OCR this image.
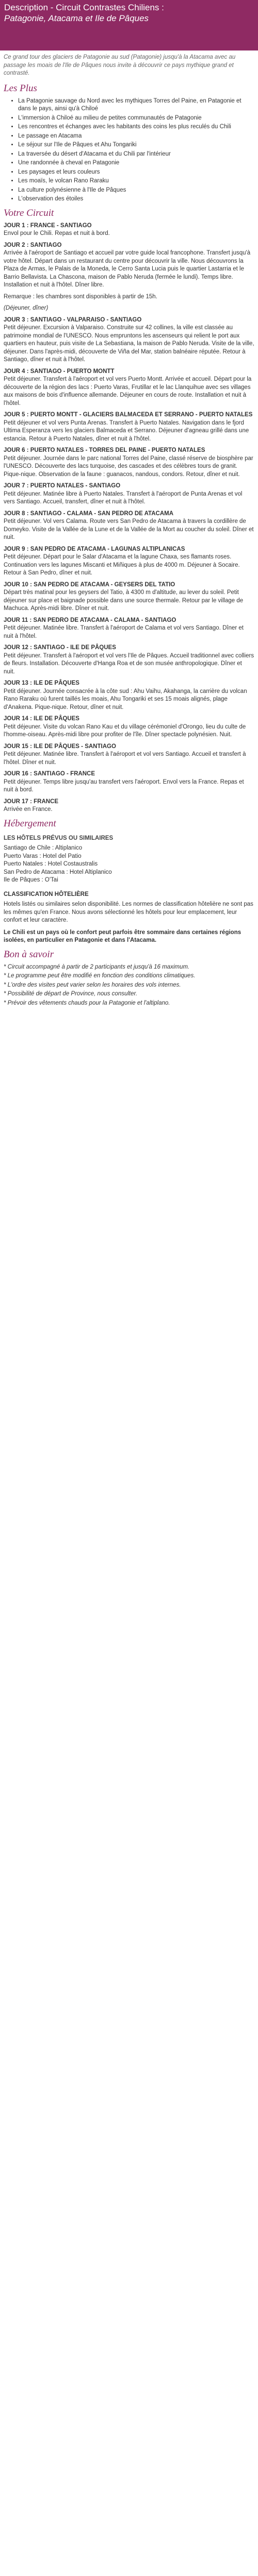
Description - Circuit Contrastes Chiliens :
Patagonie, Atacama et Ile de Pâques

Ce grand tour des glaciers de Patagonie au sud (Patagonie) jusqu'à la Atacama avec au passage les moais de l'Ile de Pâques nous invite à découvrir ce pays mythique grand et contrasté.

Les Plus
• La Patagonie sauvage du Nord avec les mythiques Torres del Paine, en Patagonie et dans le pays, ainsi qu'à Chiloé
• L'immersion à Chiloé au milieu de petites communautés de Patagonie
• Les rencontres et échanges avec les habitants des coins les plus reculés du Chili
• Le passage en Atacama
• Le séjour sur l'Ile de Pâques et Ahu Tongariki
• La traversée du désert d'Atacama et du Chili par l'intérieur
• Une randonnée à cheval en Patagonie
• Les paysages et leurs couleurs
• Les moaïs, le volcan Rano Raraku
• La culture polynésienne à l'Ile de Pâques
• L'observation des étoiles
Votre Circuit
JOUR 1 : FRANCE - SANTIAGO

Envol pour le Chili. Repas et nuit à bord.

JOUR 2 : SANTIAGO

Arrivée à l'aéroport de Santiago et accueil par votre guide local francophone. Transfert jusqu'à votre hôtel. Départ dans un restaurant du centre pour découvrir la ville. Nous découvrons la Plaza de Armas, le Palais de la Moneda, le Cerro Santa Lucia puis le quartier Lastarria et le Barrio Bellavista. La Chascona, maison de Pablo Neruda (fermée le lundi). Temps libre. Installation et nuit à l'hôtel. Dîner libre.

Remarque : les chambres sont disponibles à partir de 15h.

(Déjeuner, dîner)

JOUR 3 : SANTIAGO - VALPARAISO - SANTIAGO

Petit déjeuner. Excursion à Valparaiso. Construite sur 42 collines, la ville est classée au patrimoine mondial de l'UNESCO. Nous empruntons les ascenseurs qui relient le port aux quartiers en hauteur, puis visite de La Sebastiana, la maison de Pablo Neruda. Visite de la ville, déjeuner. Dans l'après-midi, découverte de Viña del Mar, station balnéaire réputée. Retour à Santiago, dîner et nuit à l'hôtel.

JOUR 4 : SANTIAGO - PUERTO MONTT

Petit déjeuner. Transfert à l'aéroport et vol vers Puerto Montt. Arrivée et accueil. Départ pour la découverte de la région des lacs : Puerto Varas, Frutillar et le lac Llanquihue avec ses villages aux maisons de bois d'influence allemande. Déjeuner en cours de route. Installation et nuit à l'hôtel.

JOUR 5 : PUERTO MONTT - GLACIERS BALMACEDA ET SERRANO - PUERTO NATALES

Petit déjeuner et vol vers Punta Arenas. Transfert à Puerto Natales. Navigation dans le fjord Ultima Esperanza vers les glaciers Balmaceda et Serrano. Déjeuner d'agneau grillé dans une estancia. Retour à Puerto Natales, dîner et nuit à l'hôtel.

JOUR 6 : PUERTO NATALES - TORRES DEL PAINE - PUERTO NATALES

Petit déjeuner. Journée dans le parc national Torres del Paine, classé réserve de biosphère par l'UNESCO. Découverte des lacs turquoise, des cascades et des célèbres tours de granit. Pique-nique. Observation de la faune : guanacos, nandous, condors. Retour, dîner et nuit.

JOUR 7 : PUERTO NATALES - SANTIAGO

Petit déjeuner. Matinée libre à Puerto Natales. Transfert à l'aéroport de Punta Arenas et vol vers Santiago. Accueil, transfert, dîner et nuit à l'hôtel.

JOUR 8 : SANTIAGO - CALAMA - SAN PEDRO DE ATACAMA

Petit déjeuner. Vol vers Calama. Route vers San Pedro de Atacama à travers la cordillère de Domeyko. Visite de la Vallée de la Lune et de la Vallée de la Mort au coucher du soleil. Dîner et nuit.

JOUR 9 : SAN PEDRO DE ATACAMA - LAGUNAS ALTIPLANICAS

Petit déjeuner. Départ pour le Salar d'Atacama et la lagune Chaxa, ses flamants roses. Continuation vers les lagunes Miscanti et Miñiques à plus de 4000 m. Déjeuner à Socaire. Retour à San Pedro, dîner et nuit.

JOUR 10 : SAN PEDRO DE ATACAMA - GEYSERS DEL TATIO

Départ très matinal pour les geysers del Tatio, à 4300 m d'altitude, au lever du soleil. Petit déjeuner sur place et baignade possible dans une source thermale. Retour par le village de Machuca. Après-midi libre. Dîner et nuit.

JOUR 11 : SAN PEDRO DE ATACAMA - CALAMA - SANTIAGO

Petit déjeuner. Matinée libre. Transfert à l'aéroport de Calama et vol vers Santiago. Dîner et nuit à l'hôtel.

JOUR 12 : SANTIAGO - ILE DE PÂQUES

Petit déjeuner. Transfert à l'aéroport et vol vers l'Ile de Pâques. Accueil traditionnel avec colliers de fleurs. Installation. Découverte d'Hanga Roa et de son musée anthropologique. Dîner et nuit.

JOUR 13 : ILE DE PÂQUES

Petit déjeuner. Journée consacrée à la côte sud : Ahu Vaihu, Akahanga, la carrière du volcan Rano Raraku où furent taillés les moais, Ahu Tongariki et ses 15 moais alignés, plage d'Anakena. Pique-nique. Retour, dîner et nuit.

JOUR 14 : ILE DE PÂQUES

Petit déjeuner. Visite du volcan Rano Kau et du village cérémoniel d'Orongo, lieu du culte de l'homme-oiseau. Après-midi libre pour profiter de l'île. Dîner spectacle polynésien. Nuit.

JOUR 15 : ILE DE PÂQUES - SANTIAGO

Petit déjeuner. Matinée libre. Transfert à l'aéroport et vol vers Santiago. Accueil et transfert à l'hôtel. Dîner et nuit.

JOUR 16 : SANTIAGO - FRANCE

Petit déjeuner. Temps libre jusqu'au transfert vers l'aéroport. Envol vers la France. Repas et nuit à bord.

JOUR 17 : FRANCE

Arrivée en France.

Hébergement
LES HÔTELS PRÉVUS OU SIMILAIRES

Santiago de Chile : Altiplanico

Puerto Varas : Hotel del Patio

Puerto Natales : Hotel Costaustralis

San Pedro de Atacama : Hotel Altiplanico

Ile de Pâques : O'Tai

CLASSIFICATION HÔTELIÈRE

Hotels listés ou similaires selon disponibilité. Les normes de classification hôtelière ne sont pas les mêmes qu'en France. Nous avons sélectionné les hôtels pour leur emplacement, leur confort et leur caractère.

Le Chili est un pays où le confort peut parfois être sommaire dans certaines régions isolées, en particulier en Patagonie et dans l'Atacama.

Bon à savoir

* Circuit accompagné à partir de 2 participants et jusqu'à 16 maximum.

* Le programme peut être modifié en fonction des conditions climatiques.

* L'ordre des visites peut varier selon les horaires des vols internes.

* Possibilité de départ de Province, nous consulter.

* Prévoir des vêtements chauds pour la Patagonie et l'altiplano.
